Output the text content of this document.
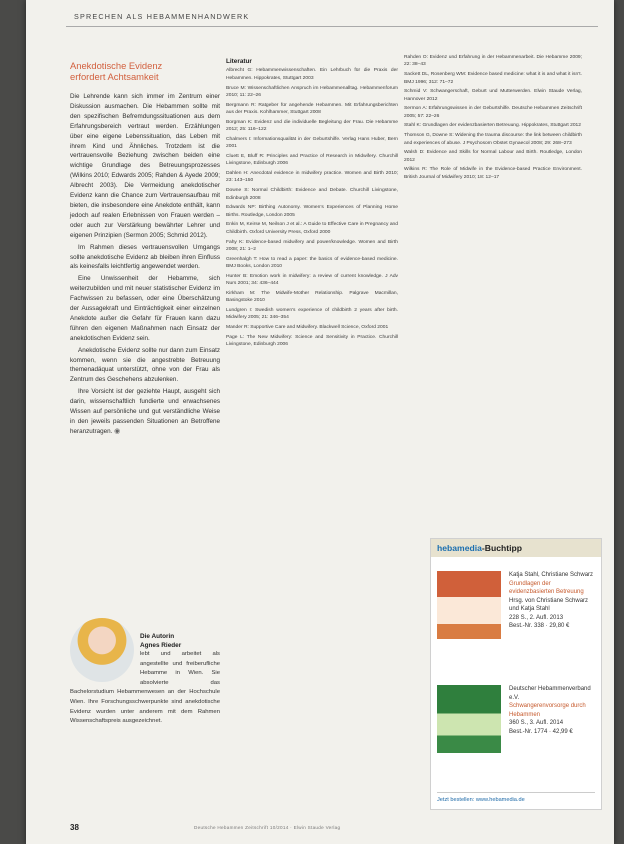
SPRECHEN ALS HEBAMMENHANDWERK
Anekdotische Evidenz
erfordert Achtsamkeit

Die Lehrende kann sich immer im Zentrum einer Diskussion ausmachen. Die Hebammen sollte mit den spezifischen Befremdungssituationen aus dem Erfahrungsbereich vertraut werden. Erzählungen über eine eigene Lebenssituation, das Leben mit ihrem Kind und Ähnliches. Trotzdem ist die vertrauensvolle Beziehung zwischen beiden eine wichtige Grundlage des Betreuungsprozesses (Wilkins 2010; Edwards 2005; Rahden & Ayede 2009; Albrecht 2003). Die Vermeidung anekdotischer Evidenz kann die Chance zum Vertrauensaufbau mit bieten, die insbesondere eine Anekdote enthält, kann jedoch auf realen Erlebnissen von Frauen werden – oder auch zur Verstärkung bewährter Lehrer und eigenen Prinzipien (Sermon 2005; Schmid 2012).

Im Rahmen dieses vertrauensvollen Umgangs sollte anekdotische Evidenz ab bleiben ihren Einfluss als keinesfalls leichtfertig angewendet werden.

Eine Unwissenheit der Hebamme, sich weiterzubilden und mit neuer statistischer Evidenz im Fachwissen zu befassen, oder eine Überschätzung der Aussagekraft und Einträchtigkeit einer einzelnen Anekdote außer die Gefahr für Frauen kann dazu führen den eigenen Maßnahmen nach Einsatz der anekdotischen Evidenz sein.

Anekdotische Evidenz sollte nur dann zum Einsatz kommen, wenn sie die angestrebte Betreuung themenadäquat unterstützt, ohne von der Frau als Zentrum des Geschehens abzulenken.

Ihre Vorsicht ist der geziehte Haupt, ausgeht sich darin, wissenschaftlich fundierte und erwachsenes Wissen auf persönliche und gut verständliche Weise in den jeweils passenden Situationen an Betroffene heranzutragen. ◉

Die Autorin
Agnes Rieder
lebt und arbeitet als angestellte und freiberufliche Hebamme in Wien. Sie absolvierte das Bachelorstudium Hebammenwesen an der Hochschule Wien. Ihre Forschungsschwerpunkte sind anekdotische Evidenz wurden unter anderem mit dem Rahmen Wissenschaftspreis ausgezeichnet.
Literatur
Albrecht G: Hebammenwissenschaften. Ein Lehrbuch für die Praxis der Hebammen. Hippokrates, Stuttgart 2003
Bruce M: Wissenschaftlichen Anspruch im Hebammenalltag. Hebammenforum 2010; 11: 22–26
Bergmann R: Ratgeber für angehende Hebammen. Mit Erfahrungsberichten aus der Praxis. Kohlhammer, Stuttgart 2008
Borgman K: Evidenz und die individuelle Begleitung der Frau. Die Hebamme 2012; 25: 116–122
Chalmers I: Informationsqualität in der Geburtshilfe. Verlag Hans Huber, Bern 2001
Cluett E, Bluff R: Principles and Practice of Research in Midwifery. Churchill Livingstone, Edinburgh 2006
Dahlen H: Anecdotal evidence in midwifery practice. Women and Birth 2010; 23: 143–150
Downe S: Normal Childbirth: Evidence and Debate. Churchill Livingstone, Edinburgh 2008
Edwards NP: Birthing Autonomy. Women’s Experiences of Planning Home Births. Routledge, London 2005
Enkin M, Keirse M, Neilson J et al.: A Guide to Effective Care in Pregnancy and Childbirth. Oxford University Press, Oxford 2000
Fahy K: Evidence-based midwifery and power/knowledge. Women and Birth 2008; 21: 1–2
Greenhalgh T: How to read a paper: the basics of evidence-based medicine. BMJ Books, London 2010
Hunter B: Emotion work in midwifery: a review of current knowledge. J Adv Nurs 2001; 34: 436–444
Kirkham M: The Midwife-Mother Relationship. Palgrave Macmillan, Basingstoke 2010
Lundgren I: Swedish women’s experience of childbirth 2 years after birth. Midwifery 2005; 21: 346–354
Mander R: Supportive Care and Midwifery. Blackwell Science, Oxford 2001
Page L: The New Midwifery: Science and Sensitivity in Practice. Churchill Livingstone, Edinburgh 2006
Rahden O: Evidenz und Erfahrung in der Hebammenarbeit. Die Hebamme 2009; 22: 38–43
Sackett DL, Rosenberg WM: Evidence based medicine: what it is and what it isn’t. BMJ 1996; 312: 71–72
Schmid V: Schwangerschaft, Geburt und Mutterwerden. Elwin Staude Verlag, Hannover 2012
Sermon A: Erfahrungswissen in der Geburtshilfe. Deutsche Hebammen Zeitschrift 2005; 57: 22–26
Stahl K: Grundlagen der evidenzbasierten Betreuung. Hippokrates, Stuttgart 2012
Thomson G, Downe S: Widening the trauma discourse: the link between childbirth and experiences of abuse. J Psychosom Obstet Gynaecol 2008; 29: 268–273
Walsh D: Evidence and Skills for Normal Labour and Birth. Routledge, London 2012
Wilkins R: The Role of Midwife in the Evidence-based Practice Environment. British Journal of Midwifery 2010; 18: 12–17
hebamedia-Buchtipp
Katja Stahl, Christiane Schwarz
Grundlagen der evidenzbasierten Betreuung
Hrsg. von Christiane Schwarz und Katja Stahl
228 S., 2. Aufl. 2013
Best.-Nr. 338 · 29,80 €
Deutscher Hebammenverband e.V.
Schwangerenvorsorge durch Hebammen
360 S., 3. Aufl. 2014
Best.-Nr. 1774 · 42,99 €
Jetzt bestellen: www.hebamedia.de
38	Deutsche Hebammen Zeitschrift 10/2014 · Elwin Staude Verlag
